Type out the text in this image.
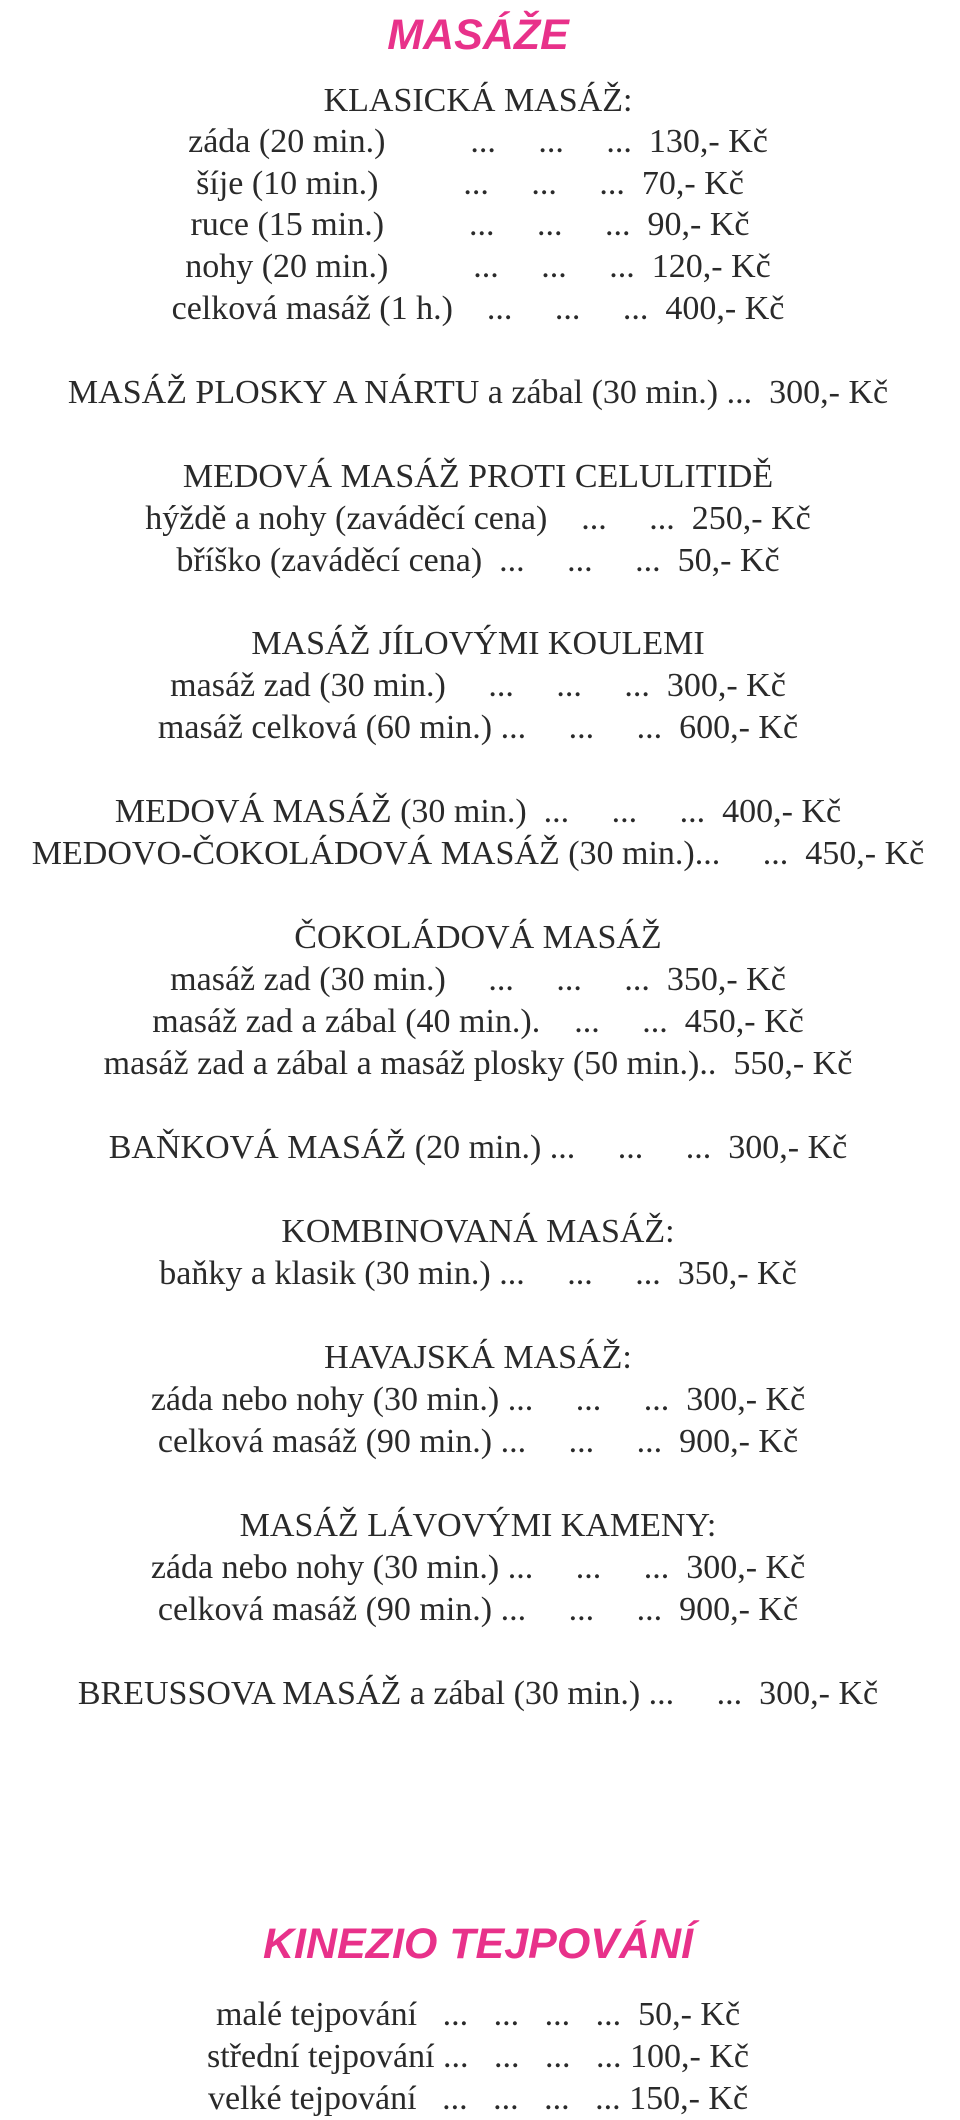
MASÁŽE
KLASICKÁ MASÁŽ:
záda (20 min.)          ...     ...     ...  130,- Kč
šíje (10 min.)          ...     ...     ...  70,- Kč
ruce (15 min.)          ...     ...     ...  90,- Kč
nohy (20 min.)          ...     ...     ...  120,- Kč
celková masáž (1 h.)    ...     ...     ...  400,- Kč
MASÁŽ PLOSKY A NÁRTU a zábal (30 min.) ...  300,- Kč
MEDOVÁ MASÁŽ PROTI CELULITIDĚ
hýždě a nohy (zaváděcí cena)    ...     ...  250,- Kč
bříško (zaváděcí cena)  ...     ...     ...  50,- Kč
MASÁŽ JÍLOVÝMI KOULEMI
masáž zad (30 min.)     ...     ...     ...  300,- Kč
masáž celková (60 min.) ...     ...     ...  600,- Kč
MEDOVÁ MASÁŽ (30 min.)  ...     ...     ...  400,- Kč
MEDOVO-ČOKOLÁDOVÁ MASÁŽ (30 min.)...     ...  450,- Kč
ČOKOLÁDOVÁ MASÁŽ
masáž zad (30 min.)     ...     ...     ...  350,- Kč
masáž zad a zábal (40 min.).    ...     ...  450,- Kč
masáž zad a zábal a masáž plosky (50 min.)..  550,- Kč
BAŇKOVÁ MASÁŽ (20 min.) ...     ...     ...  300,- Kč
KOMBINOVANÁ MASÁŽ:
baňky a klasik (30 min.) ...     ...     ...  350,- Kč
HAVAJSKÁ MASÁŽ:
záda nebo nohy (30 min.) ...     ...     ...  300,- Kč
celková masáž (90 min.) ...     ...     ...  900,- Kč
MASÁŽ LÁVOVÝMI KAMENY:
záda nebo nohy (30 min.) ...     ...     ...  300,- Kč
celková masáž (90 min.) ...     ...     ...  900,- Kč
BREUSSOVA MASÁŽ a zábal (30 min.) ...     ...  300,- Kč
KINEZIO TEJPOVÁNÍ
malé tejpování   ...   ...   ...   ...  50,- Kč
střední tejpování ...   ...   ...   ... 100,- Kč
velké tejpování   ...   ...   ...   ... 150,- Kč
